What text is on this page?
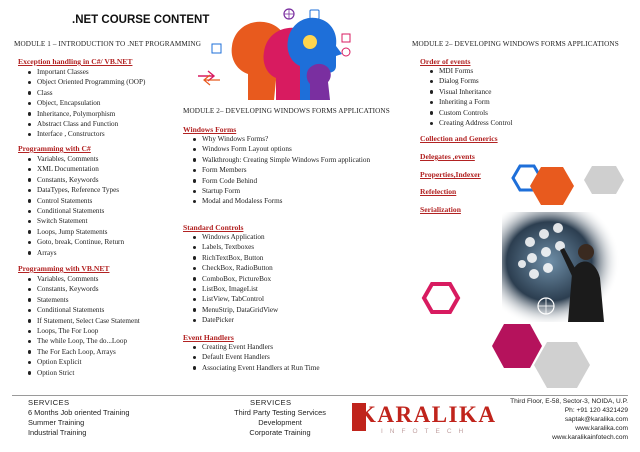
.NET COURSE CONTENT
MODULE 1 – INTRODUCTION TO .NET PROGRAMMING
Exception handling in C#/ VB.NET
Important Classes
Object Oriented Programming (OOP)
Class
Object, Encapsulation
Inheritance, Polymorphism
Abstract Class and Function
Interface , Constructors
Programming with C#
Variables, Comments
XML Documentation
Constants, Keywords
DataTypes, Reference Types
Control Statements
Conditional Statements
Switch Statement
Loops, Jump Statements
Goto, break, Continue, Return
Arrays
Programming with VB.NET
Variables, Comments
Constants, Keywords
Statements
Conditional Statements
If Statement, Select Case Statement
Loops, The For Loop
The while Loop, The do...Loop
The For Each Loop, Arrays
Option Explicit
Option Strict
MODULE 2– DEVELOPING WINDOWS FORMS APPLICATIONS
Windows Forms
Why Windows Forms?
Windows Form Layout options
Walkthrough: Creating Simple Windows Form application
Form Members
Form Code Behind
Startup Form
Modal and Modaless Forms
Standard Controls
Windows Application
Labels, Textboxes
RichTextBox, Button
CheckBox, RadioButton
ComboBox, PictureBox
ListBox, ImageList
ListView, TabControl
MenuStrip, DataGridView
DatePicker
Event Handlers
Creating Event Handlers
Default Event Handlers
Associating Event Handlers at Run Time
MODULE 2– DEVELOPING WINDOWS FORMS APPLICATIONS
Order of events
MDI Forms
Dialog Forms
Visual Inheritance
Inheriting a Form
Custom Controls
Creating Address Control
Collection and Generics
Delegates ,events
Properties,Indexer
Refelection
Serialization
SERVICES
6 Months Job oriented Training
Summer Training
Industrial Training
SERVICES
Third Party Testing Services
Development
Corporate Training
KARALIKA
INFOTECH
Third Floor, E-58, Sector-3, NOIDA, U.P.
Ph: +91 120 4321429
saptak@karalika.com
www.karalika.com
www.karalikainfotech.com
